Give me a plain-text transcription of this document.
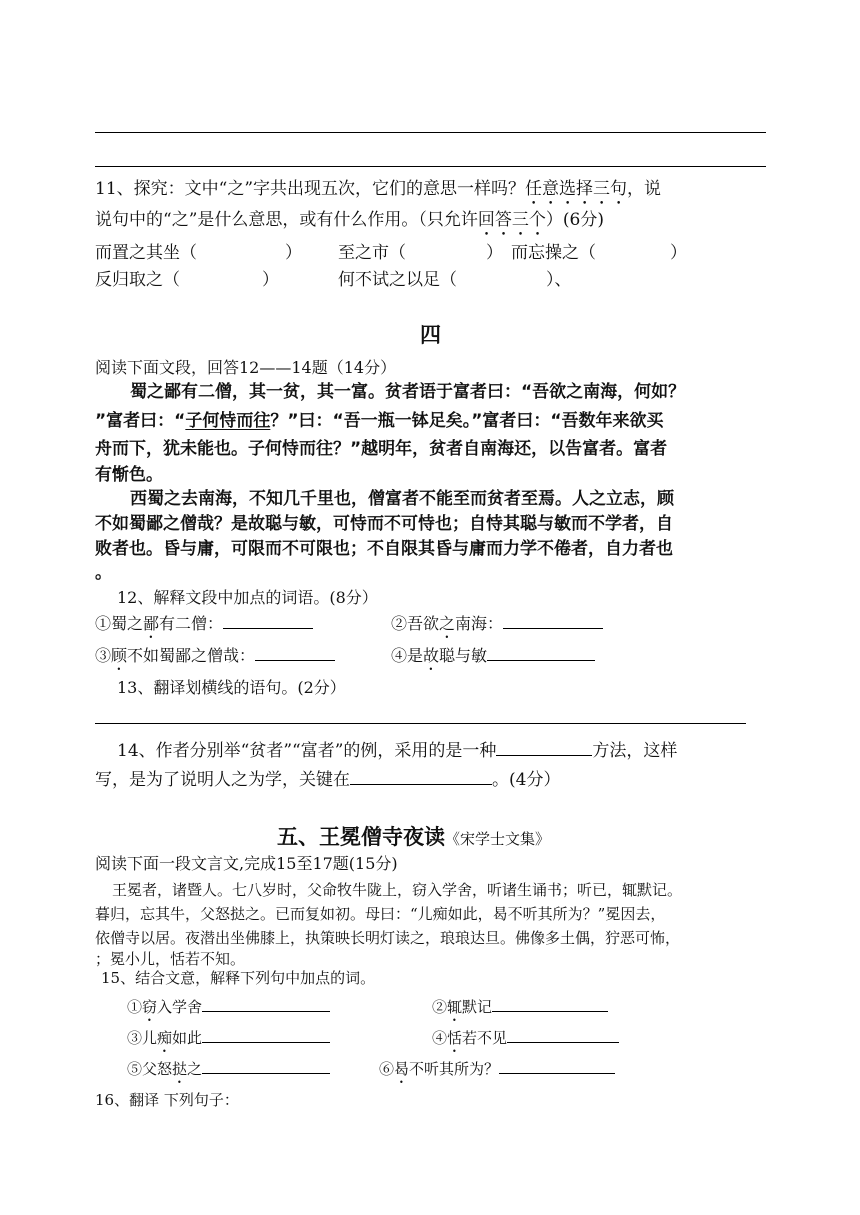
11、探究：文中“之”字共出现五次，它们的意思一样吗？任意选择三句，说
说句中的“之”是什么意思，或有什么作用。（只允许回答三个）(6分)
而置之其坐（	） 至之市（	） 而忘操之（	）
反归取之（	）	何不试之以足（	）、
四
阅读下面文段，回答12——14题（14分）
蜀之鄙有二僧，其一贫，其一富。贫者语于富者曰：“吾欲之南海，何如？
”富者曰：“子何恃而往？”曰：“吾一瓶一钵足矣。”富者曰：“吾数年来欲买
舟而下，犹未能也。子何恃而往？”越明年，贫者自南海还，以告富者。富者
有惭色。
西蜀之去南海，不知几千里也，僧富者不能至而贫者至焉。人之立志，顾
不如蜀鄙之僧哉？是故聪与敏，可恃而不可恃也；自恃其聪与敏而不学者，自
败者也。昏与庸，可限而不可限也；不自限其昏与庸而力学不倦者，自力者也
。
12、解释文段中加点的词语。(8分）
①蜀之鄙有二僧：	②吾欲之南海：
③顾不如蜀鄙之僧哉：	④是故聪与敏
13、翻译划横线的语句。(2分）
14、作者分别举“贫者”“富者”的例，采用的是一种	方法，这样
写，是为了说明人之为学，关键在	。(4分）
五、王冕僧寺夜读《宋学士文集》
阅读下面一段文言文,完成15至17题(15分)
王冕者，诸暨人。七八岁时，父命牧牛陇上，窃入学舍，听诸生诵书；听已，辄默记。
暮归，忘其牛，父怒挞之。已而复如初。母曰：“儿痴如此，曷不听其所为？”冕因去，
依僧寺以居。夜潜出坐佛膝上，执策映长明灯读之，琅琅达旦。佛像多土偶，狞恶可怖，
；冕小儿，恬若不知。
15、结合文意，解释下列句中加点的词。
①窃入学舍	②辄默记
③儿痴如此	④恬若不见
⑤父怒挞之	⑥曷不听其所为？
16、翻译 下列句子：
